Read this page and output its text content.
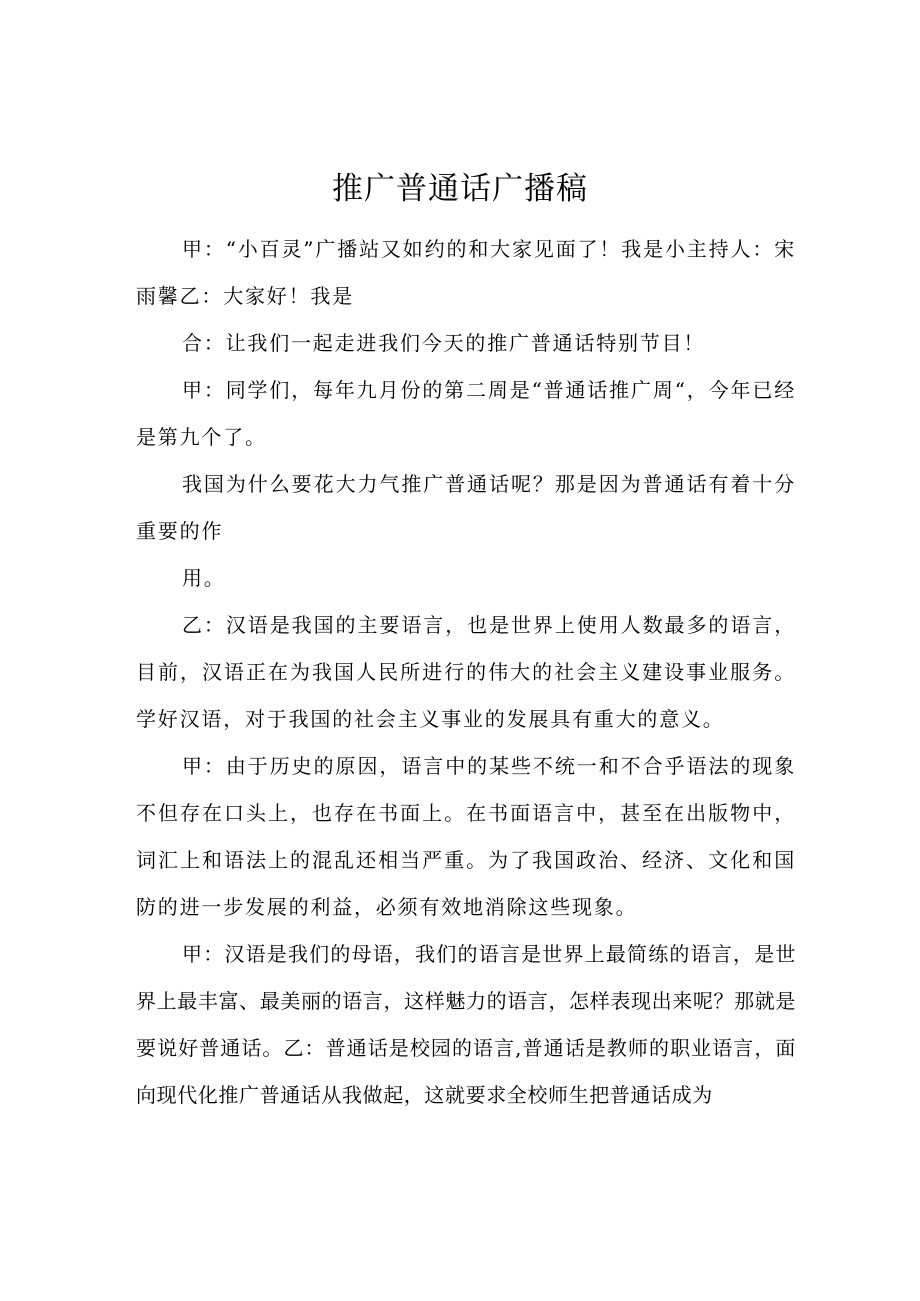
推广普通话广播稿

甲：“小百灵”广播站又如约的和大家见面了！我是小主持人：宋雨馨乙：大家好！我是

合：让我们一起走进我们今天的推广普通话特别节目！

甲：同学们，每年九月份的第二周是“普通话推广周“，今年已经是第九个了。

我国为什么要花大力气推广普通话呢？那是因为普通话有着十分重要的作

用。

乙：汉语是我国的主要语言，也是世界上使用人数最多的语言，目前，汉语正在为我国人民所进行的伟大的社会主义建设事业服务。学好汉语，对于我国的社会主义事业的发展具有重大的意义。

甲：由于历史的原因，语言中的某些不统一和不合乎语法的现象不但存在口头上，也存在书面上。在书面语言中，甚至在出版物中，词汇上和语法上的混乱还相当严重。为了我国政治、经济、文化和国防的进一步发展的利益，必须有效地消除这些现象。

甲：汉语是我们的母语，我们的语言是世界上最简练的语言，是世界上最丰富、最美丽的语言，这样魅力的语言，怎样表现出来呢？那就是要说好普通话。乙：普通话是校园的语言,普通话是教师的职业语言，面向现代化推广普通话从我做起，这就要求全校师生把普通话成为
